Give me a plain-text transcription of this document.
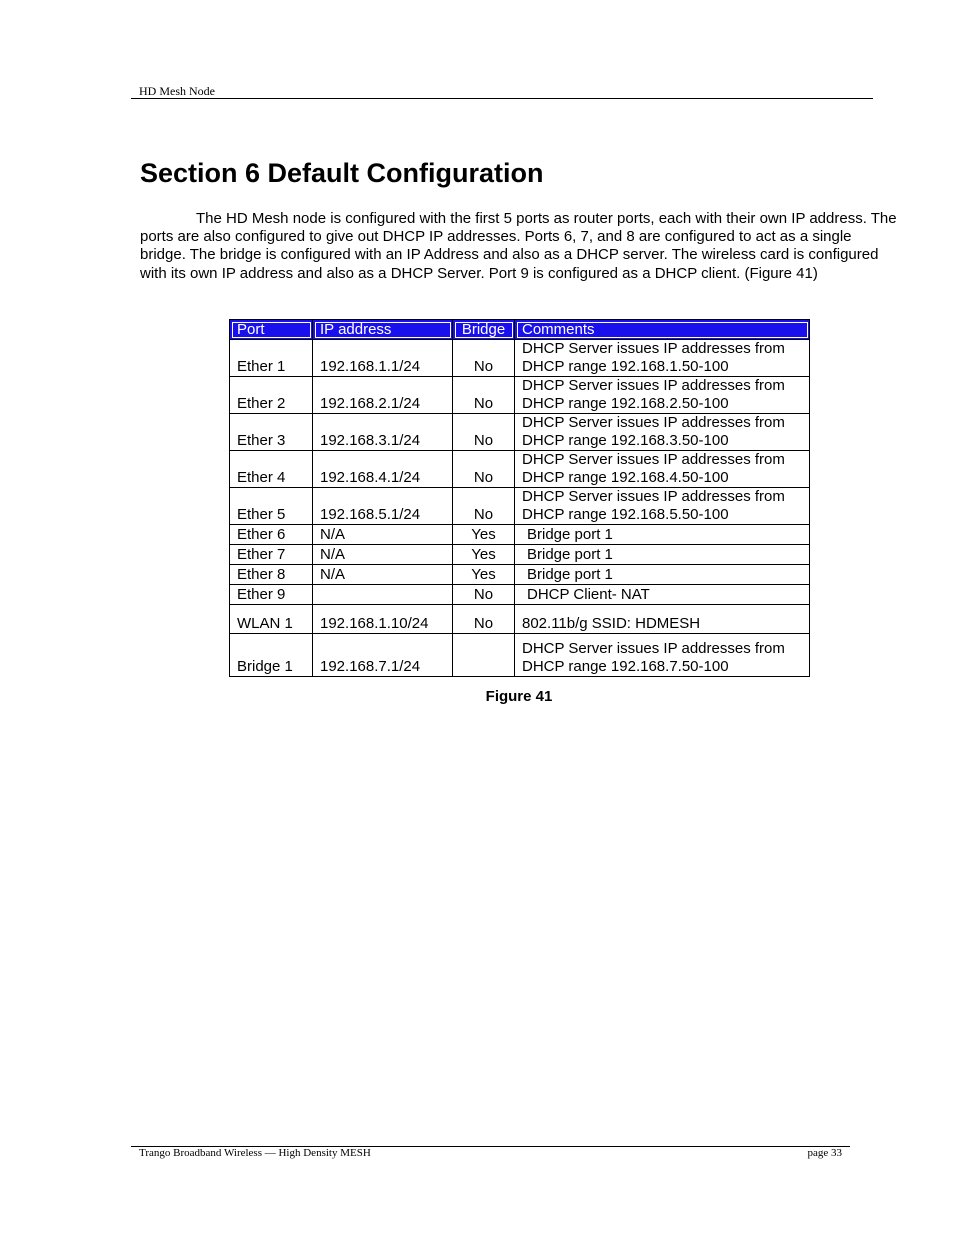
HD Mesh Node
Section 6 Default Configuration

The HD Mesh node is configured with the first 5 ports as router ports, each with their own IP address. The ports are also configured to give out DHCP IP addresses. Ports 6, 7, and 8 are configured to act as a single bridge. The bridge is configured with an IP Address and also as a DHCP server. The wireless card is configured with its own IP address and also as a DHCP Server. Port 9 is configured as a DHCP client. (Figure 41)

Port	IP address	Bridge	Comments
Ether 1	192.168.1.1/24	No	DHCP Server issues IP addresses from DHCP range 192.168.1.50-100
Ether 2	192.168.2.1/24	No	DHCP Server issues IP addresses from DHCP range 192.168.2.50-100
Ether 3	192.168.3.1/24	No	DHCP Server issues IP addresses from DHCP range 192.168.3.50-100
Ether 4	192.168.4.1/24	No	DHCP Server issues IP addresses from DHCP range 192.168.4.50-100
Ether 5	192.168.5.1/24	No	DHCP Server issues IP addresses from DHCP range 192.168.5.50-100
Ether 6	N/A	Yes	Bridge port 1
Ether 7	N/A	Yes	Bridge port 1
Ether 8	N/A	Yes	Bridge port 1
Ether 9		No	DHCP Client- NAT
WLAN 1	192.168.1.10/24	No	802.11b/g SSID: HDMESH
Bridge 1	192.168.7.1/24		DHCP Server issues IP addresses from DHCP range 192.168.7.50-100
Figure 41
Trango Broadband Wireless — High Density MESH	page 33
